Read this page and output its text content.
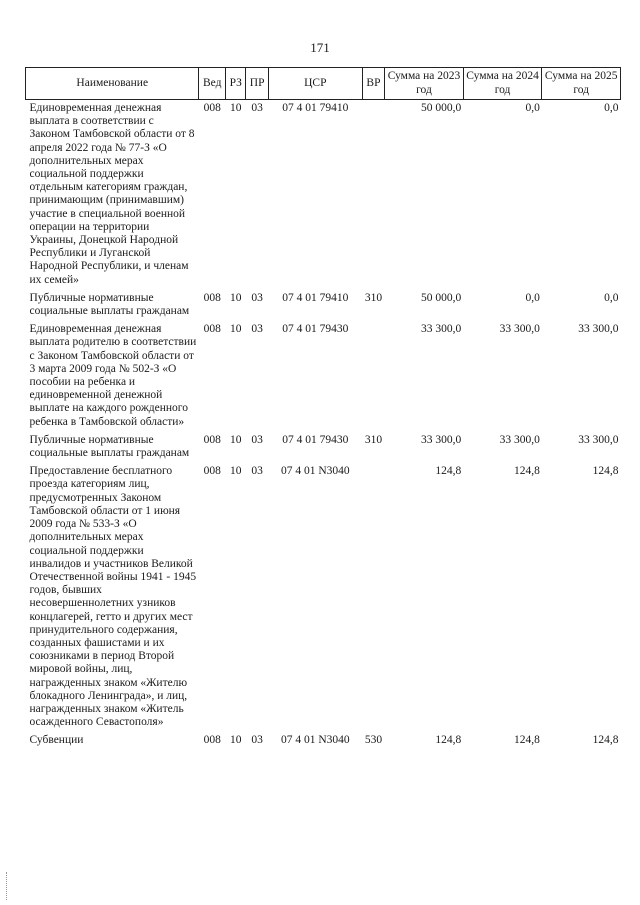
171
Наименование	Вед	РЗ	ПР	ЦСР	ВР	Сумма на 2023 год	Сумма на 2024 год	Сумма на 2025 год
Единовременная денежная выплата в соответствии с Законом Тамбовской области от 8 апреля 2022 года № 77-З «О дополнительных мерах социальной поддержки отдельным категориям граждан, принимающим (принимавшим) участие в специальной военной операции на территории Украины, Донецкой Народной Республики и Луганской Народной Республики, и членам их семей»	008	10	03	07 4 01 79410		50 000,0	0,0	0,0
Публичные нормативные социальные выплаты гражданам	008	10	03	07 4 01 79410	310	50 000,0	0,0	0,0
Единовременная денежная выплата родителю в соответствии с Законом Тамбовской области от 3 марта 2009 года № 502-З «О пособии на ребенка и единовременной денежной выплате на каждого рожденного ребенка в Тамбовской области»	008	10	03	07 4 01 79430		33 300,0	33 300,0	33 300,0
Публичные нормативные социальные выплаты гражданам	008	10	03	07 4 01 79430	310	33 300,0	33 300,0	33 300,0
Предоставление бесплатного проезда категориям лиц, предусмотренных Законом Тамбовской области от 1 июня 2009 года № 533-З «О дополнительных мерах социальной поддержки инвалидов и участников Великой Отечественной войны 1941 - 1945 годов, бывших несовершеннолетних узников концлагерей, гетто и других мест принудительного содержания, созданных фашистами и их союзниками в период Второй мировой войны, лиц, награжденных знаком «Жителю блокадного Ленинграда», и лиц, награжденных знаком «Житель осажденного Севастополя»	008	10	03	07 4 01 N3040		124,8	124,8	124,8
Субвенции	008	10	03	07 4 01 N3040	530	124,8	124,8	124,8
